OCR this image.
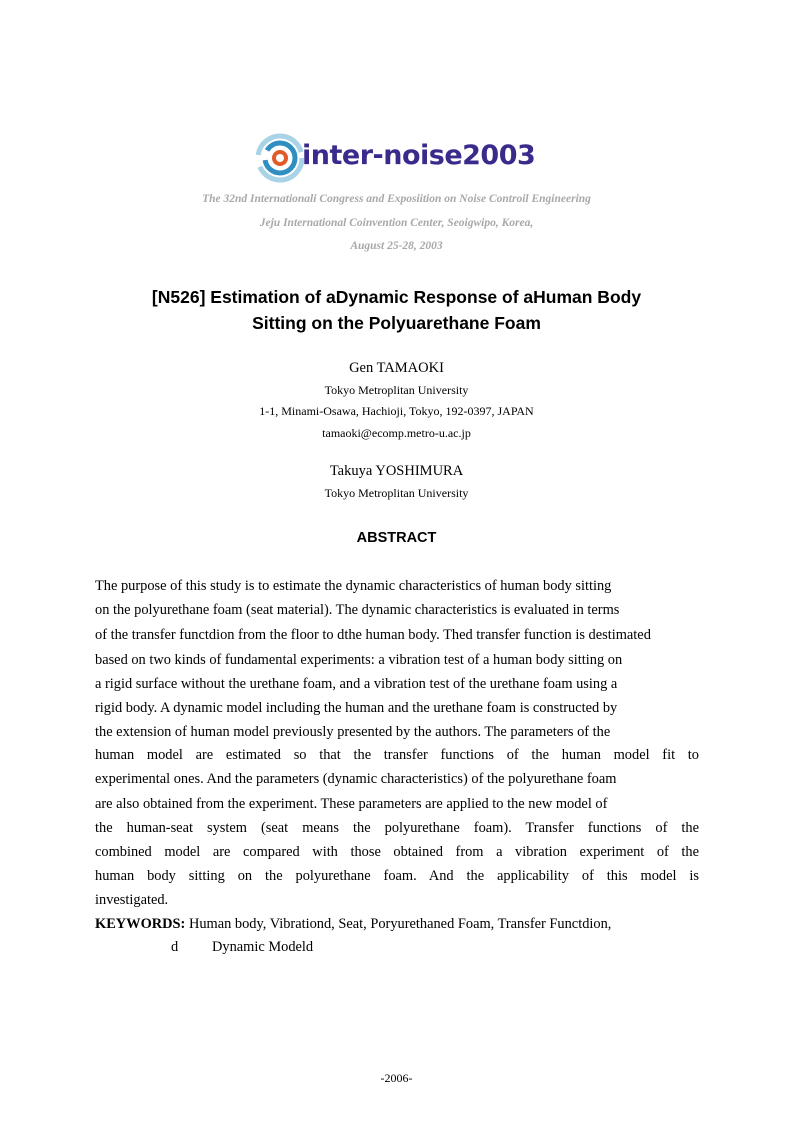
inter-noise2003
The 32nd Internationali Congress and Exposiition on Noise Controil Engineering
Jeju International Coinvention Center, Seoigwipo, Korea,
August 25-28, 2003
[N526] Estimation of aDynamic Response of aHuman Body
Sitting on the Polyuarethane Foam
Gen TAMAOKI
Tokyo Metroplitan University
1-1, Minami-Osawa, Hachioji, Tokyo, 192-0397, JAPAN
tamaoki@ecomp.metro-u.ac.jp
Takuya YOSHIMURA
Tokyo Metroplitan University
ABSTRACT
The purpose of this study is to estimate the dynamic characteristics of human body sitting
on the polyurethane foam (seat material). The dynamic characteristics is evaluated in terms
of the transfer functdion from the floor to dthe human body. Thed transfer function is destimated
based on two kinds of fundamental experiments: a vibration test of a human body sitting on
a rigid surface without the urethane foam, and a vibration test of the urethane foam using a
rigid body. A dynamic model including the human and the urethane foam is constructed by
the extension of human model previously presented by the authors. The parameters of the
human model are estimated so that the transfer functions of the human model fit to
experimental ones. And the parameters (dynamic characteristics) of the polyurethane foam
are also obtained from the experiment. These parameters are applied to the new model of
the human-seat system (seat means the polyurethane foam). Transfer functions of the
combined model are compared with those obtained from a vibration experiment of the
human body sitting on the polyurethane foam. And the applicability of this model is
investigated.
KEYWORDS: Human body, Vibrationd, Seat, Poryurethaned Foam, Transfer Functdion,
d Dynamic Modeld
-2006-
